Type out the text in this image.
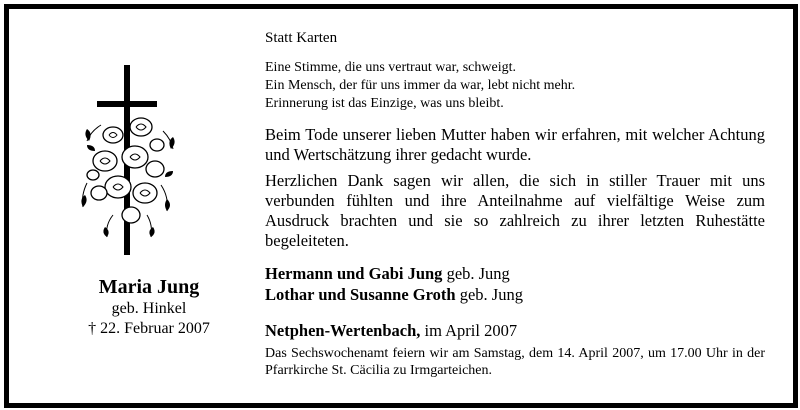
Maria Jung
geb. Hinkel
† 22. Februar 2007
Statt Karten
Eine Stimme, die uns vertraut war, schweigt.
Ein Mensch, der für uns immer da war, lebt nicht mehr.
Erinnerung ist das Einzige, was uns bleibt.
Beim Tode unserer lieben Mutter haben wir erfahren, mit welcher Achtung und Wertschätzung ihrer gedacht wurde.
Herzlichen Dank sagen wir allen, die sich in stiller Trauer mit uns verbunden fühlten und ihre Anteilnahme auf vielfältige Weise zum Ausdruck brachten und sie so zahlreich zu ihrer letzten Ruhestätte begeleiteten.
Hermann und Gabi Jung geb. Jung
Lothar und Susanne Groth geb. Jung
Netphen-Wertenbach, im April 2007
Das Sechswochenamt feiern wir am Samstag, dem 14. April 2007, um 17.00 Uhr in der Pfarrkirche St. Cäcilia zu Irmgarteichen.
